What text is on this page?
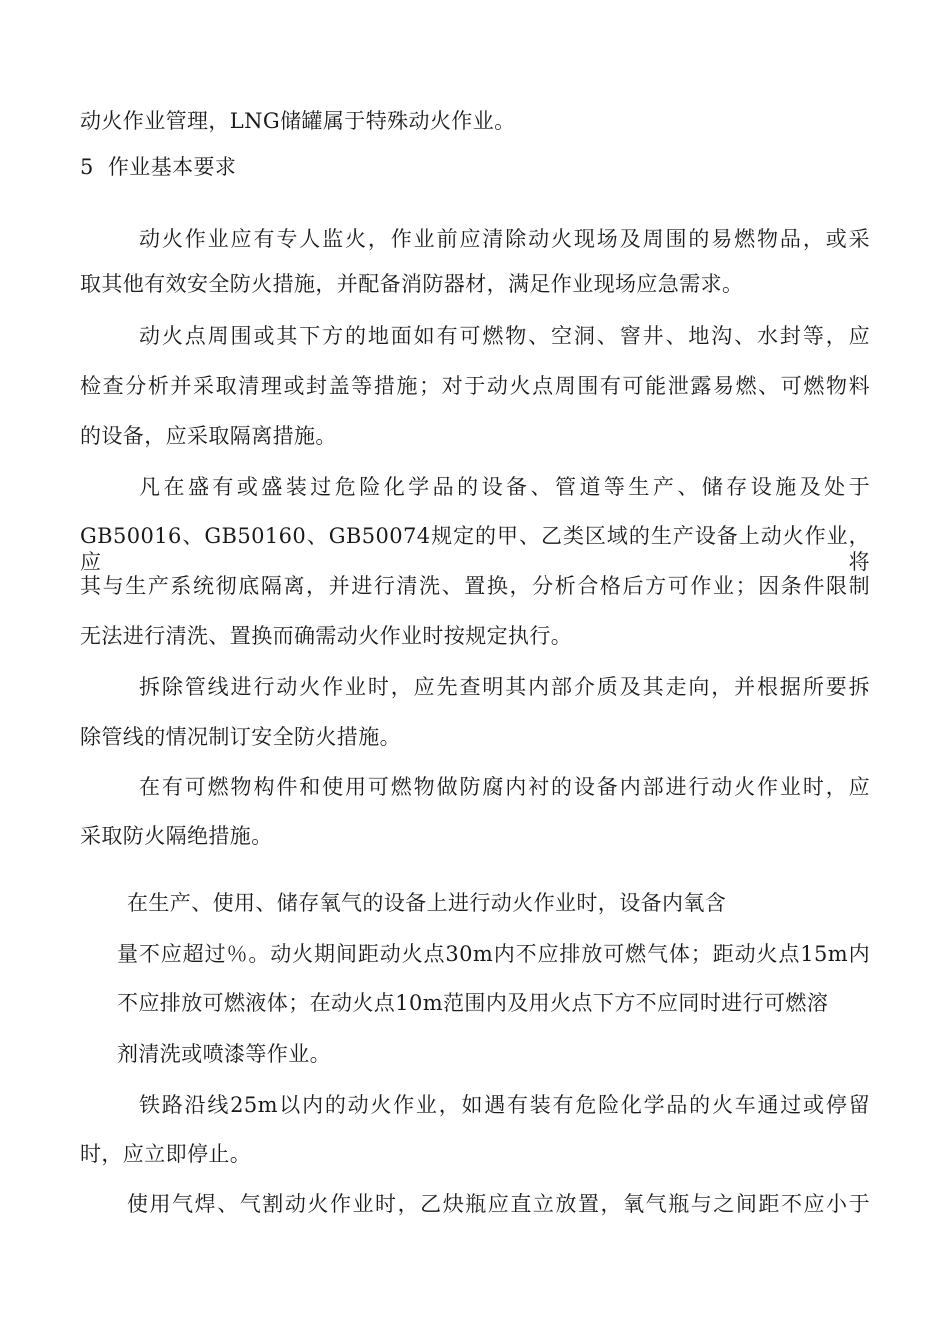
动火作业管理，LNG储罐属于特殊动火作业。
5  作业基本要求
动火作业应有专人监火，作业前应清除动火现场及周围的易燃物品，或采
取其他有效安全防火措施，并配备消防器材，满足作业现场应急需求。
动火点周围或其下方的地面如有可燃物、空洞、窨井、地沟、水封等，应
检查分析并采取清理或封盖等措施；对于动火点周围有可能泄露易燃、可燃物料
的设备，应采取隔离措施。
凡在盛有或盛装过危险化学品的设备、管道等生产、储存设施及处于
GB50016、GB50160、GB50074规定的甲、乙类区域的生产设备上动火作业，应将
其与生产系统彻底隔离，并进行清洗、置换，分析合格后方可作业；因条件限制
无法进行清洗、置换而确需动火作业时按规定执行。
拆除管线进行动火作业时，应先查明其内部介质及其走向，并根据所要拆
除管线的情况制订安全防火措施。
在有可燃物构件和使用可燃物做防腐内衬的设备内部进行动火作业时，应
采取防火隔绝措施。
在生产、使用、储存氧气的设备上进行动火作业时，设备内氧含
量不应超过％。动火期间距动火点30m内不应排放可燃气体；距动火点15m内
不应排放可燃液体；在动火点10m范围内及用火点下方不应同时进行可燃溶
剂清洗或喷漆等作业。
铁路沿线25m以内的动火作业，如遇有装有危险化学品的火车通过或停留
时，应立即停止。
使用气焊、气割动火作业时，乙炔瓶应直立放置，氧气瓶与之间距不应小于
